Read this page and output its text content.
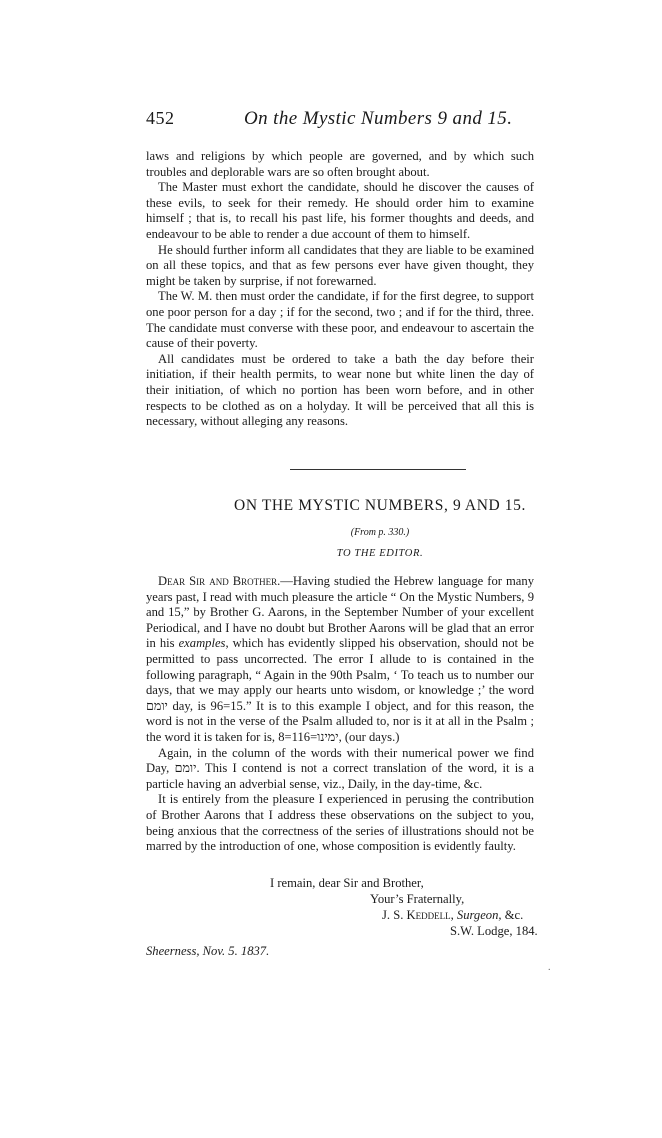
452	On the Mystic Numbers 9 and 15.

laws and religions by which people are governed, and by which such troubles and deplorable wars are so often brought about.

The Master must exhort the candidate, should he discover the causes of these evils, to seek for their remedy. He should order him to examine himself ; that is, to recall his past life, his former thoughts and deeds, and endeavour to be able to render a due account of them to himself.

He should further inform all candidates that they are liable to be examined on all these topics, and that as few persons ever have given thought, they might be taken by surprise, if not forewarned.

The W. M. then must order the candidate, if for the first degree, to support one poor person for a day ; if for the second, two ; and if for the third, three. The candidate must converse with these poor, and endeavour to ascertain the cause of their poverty.

All candidates must be ordered to take a bath the day before their initiation, if their health permits, to wear none but white linen the day of their initiation, of which no portion has been worn before, and in other respects to be clothed as on a holyday. It will be perceived that all this is necessary, without alleging any reasons.

ON THE MYSTIC NUMBERS, 9 AND 15.
(From p. 330.)
TO THE EDITOR.

Dear Sir and Brother.—Having studied the Hebrew language for many years past, I read with much pleasure the article “ On the Mystic Numbers, 9 and 15,” by Brother G. Aarons, in the September Number of your excellent Periodical, and I have no doubt but Brother Aarons will be glad that an error in his examples, which has evidently slipped his observation, should not be permitted to pass uncorrected. The error I allude to is contained in the following paragraph, “ Again in the 90th Psalm, ‘ To teach us to number our days, that we may apply our hearts unto wisdom, or knowledge ;’ the word יומם day, is 96=15.” It is to this example I object, and for this reason, the word is not in the verse of the Psalm alluded to, nor is it at all in the Psalm ; the word it is taken for is, ימינו=116=8, (our days.)

Again, in the column of the words with their numerical power we find Day, יומם. This I contend is not a correct translation of the word, it is a particle having an adverbial sense, viz., Daily, in the day-time, &c.

It is entirely from the pleasure I experienced in perusing the contribution of Brother Aarons that I address these observations on the subject to you, being anxious that the correctness of the series of illustrations should not be marred by the introduction of one, whose composition is evidently faulty.

I remain, dear Sir and Brother,
Your’s Fraternally,
J. S. Keddell, Surgeon, &c.
S.W. Lodge, 184.
Sheerness, Nov. 5. 1837.
.
